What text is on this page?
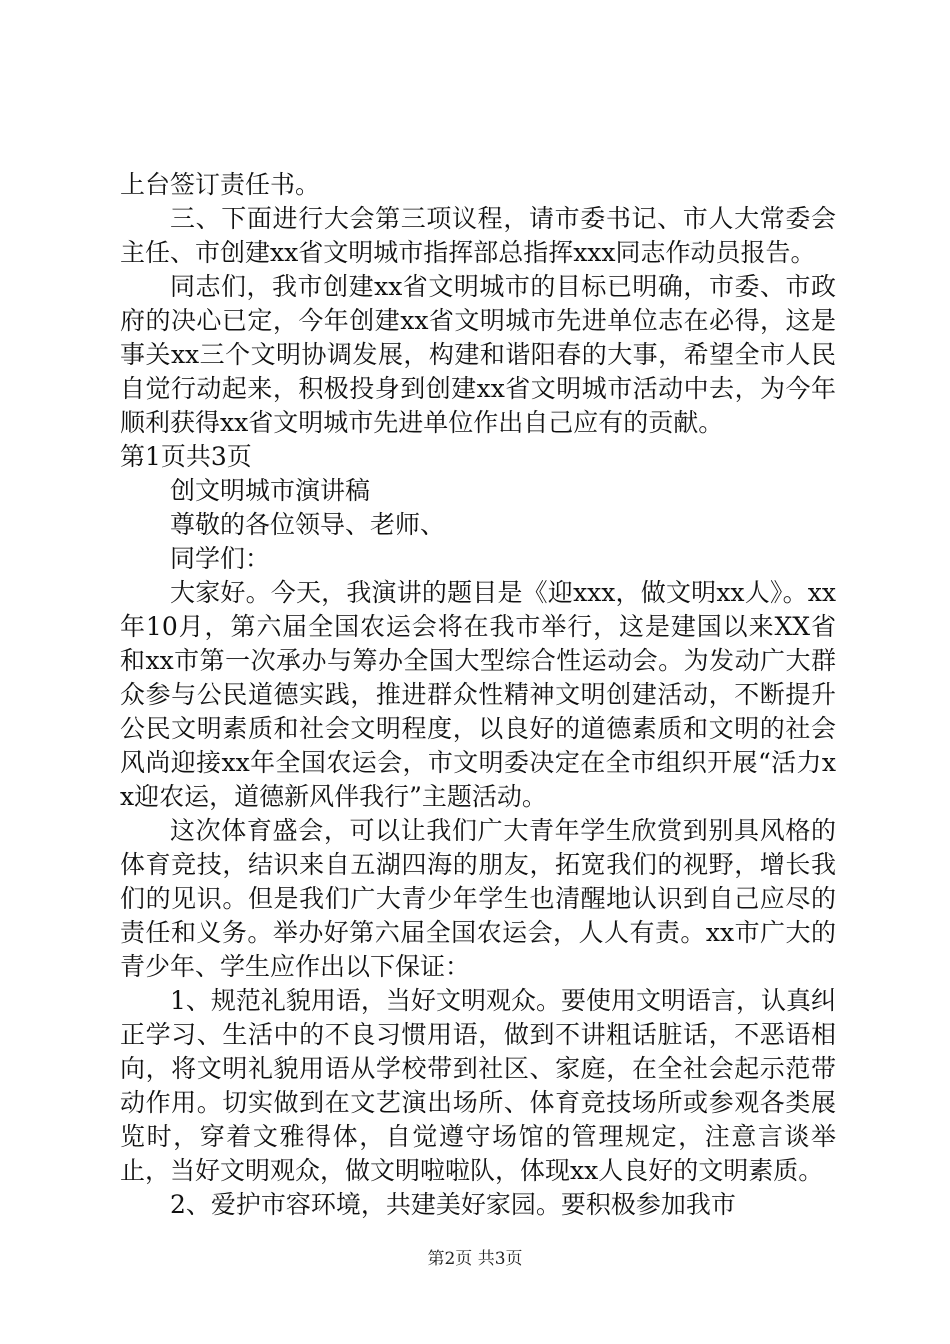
上台签订责任书。

三、下面进行大会第三项议程，请市委书记、市人大常委会主任、市创建xx省文明城市指挥部总指挥xxx同志作动员报告。

同志们，我市创建xx省文明城市的目标已明确，市委、市政府的决心已定，今年创建xx省文明城市先进单位志在必得，这是事关xx三个文明协调发展，构建和谐阳春的大事，希望全市人民自觉行动起来，积极投身到创建xx省文明城市活动中去，为今年顺利获得xx省文明城市先进单位作出自己应有的贡献。

第1页共3页

创文明城市演讲稿

尊敬的各位领导、老师、

同学们：

大家好。今天，我演讲的题目是《迎xxx，做文明xx人》。xx年10月，第六届全国农运会将在我市举行，这是建国以来XX省和xx市第一次承办与筹办全国大型综合性运动会。为发动广大群众参与公民道德实践，推进群众性精神文明创建活动，不断提升公民文明素质和社会文明程度，以良好的道德素质和文明的社会风尚迎接xx年全国农运会，市文明委决定在全市组织开展“活力xx迎农运，道德新风伴我行”主题活动。

这次体育盛会，可以让我们广大青年学生欣赏到别具风格的体育竞技，结识来自五湖四海的朋友，拓宽我们的视野，增长我们的见识。但是我们广大青少年学生也清醒地认识到自己应尽的责任和义务。举办好第六届全国农运会，人人有责。xx市广大的青少年、学生应作出以下保证：

1、规范礼貌用语，当好文明观众。要使用文明语言，认真纠正学习、生活中的不良习惯用语，做到不讲粗话脏话，不恶语相向，将文明礼貌用语从学校带到社区、家庭，在全社会起示范带动作用。切实做到在文艺演出场所、体育竞技场所或参观各类展览时，穿着文雅得体，自觉遵守场馆的管理规定，注意言谈举止，当好文明观众，做文明啦啦队，体现xx人良好的文明素质。

2、爱护市容环境，共建美好家园。要积极参加我市

第2页 共3页
